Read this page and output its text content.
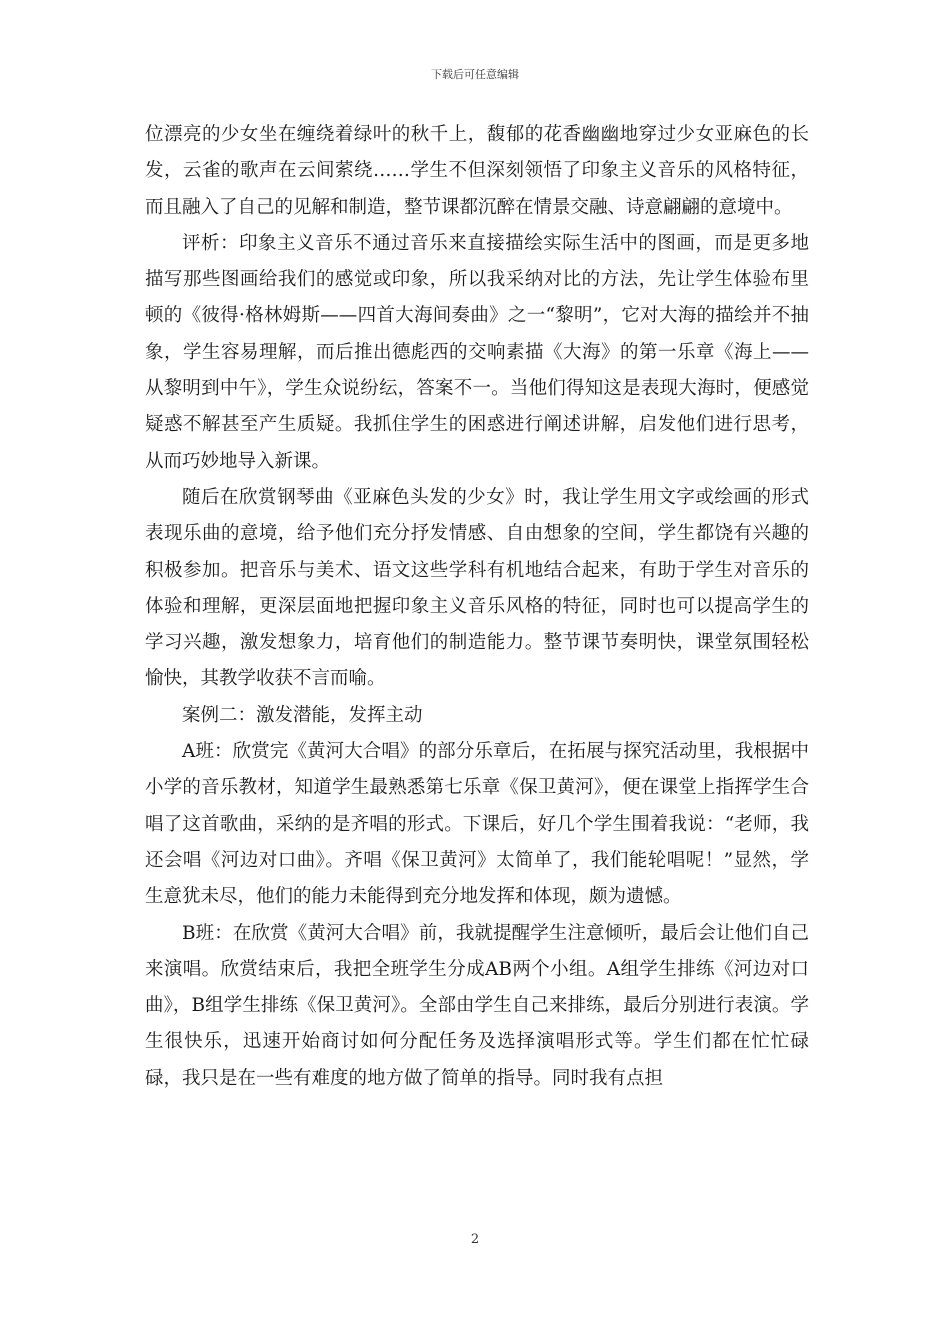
下载后可任意编辑

位漂亮的少女坐在缠绕着绿叶的秋千上，馥郁的花香幽幽地穿过少女亚麻色的长发，云雀的歌声在云间萦绕……学生不但深刻领悟了印象主义音乐的风格特征，而且融入了自己的见解和制造，整节课都沉醉在情景交融、诗意翩翩的意境中。

评析：印象主义音乐不通过音乐来直接描绘实际生活中的图画，而是更多地描写那些图画给我们的感觉或印象，所以我采纳对比的方法，先让学生体验布里顿的《彼得·格林姆斯——四首大海间奏曲》之一“黎明”，它对大海的描绘并不抽象，学生容易理解，而后推出德彪西的交响素描《大海》的第一乐章《海上——从黎明到中午》，学生众说纷纭，答案不一。当他们得知这是表现大海时，便感觉疑惑不解甚至产生质疑。我抓住学生的困惑进行阐述讲解，启发他们进行思考，从而巧妙地导入新课。

随后在欣赏钢琴曲《亚麻色头发的少女》时，我让学生用文字或绘画的形式表现乐曲的意境，给予他们充分抒发情感、自由想象的空间，学生都饶有兴趣的积极参加。把音乐与美术、语文这些学科有机地结合起来，有助于学生对音乐的体验和理解，更深层面地把握印象主义音乐风格的特征，同时也可以提高学生的学习兴趣，激发想象力，培育他们的制造能力。整节课节奏明快，课堂氛围轻松愉快，其教学收获不言而喻。

案例二：激发潜能，发挥主动

A班：欣赏完《黄河大合唱》的部分乐章后，在拓展与探究活动里，我根据中小学的音乐教材，知道学生最熟悉第七乐章《保卫黄河》，便在课堂上指挥学生合唱了这首歌曲，采纳的是齐唱的形式。下课后，好几个学生围着我说：“老师，我还会唱《河边对口曲》。齐唱《保卫黄河》太简单了，我们能轮唱呢！”显然，学生意犹未尽，他们的能力未能得到充分地发挥和体现，颇为遗憾。

B班：在欣赏《黄河大合唱》前，我就提醒学生注意倾听，最后会让他们自己来演唱。欣赏结束后，我把全班学生分成AB两个小组。A组学生排练《河边对口曲》，B组学生排练《保卫黄河》。全部由学生自己来排练，最后分别进行表演。学生很快乐，迅速开始商讨如何分配任务及选择演唱形式等。学生们都在忙忙碌碌，我只是在一些有难度的地方做了简单的指导。同时我有点担

2
